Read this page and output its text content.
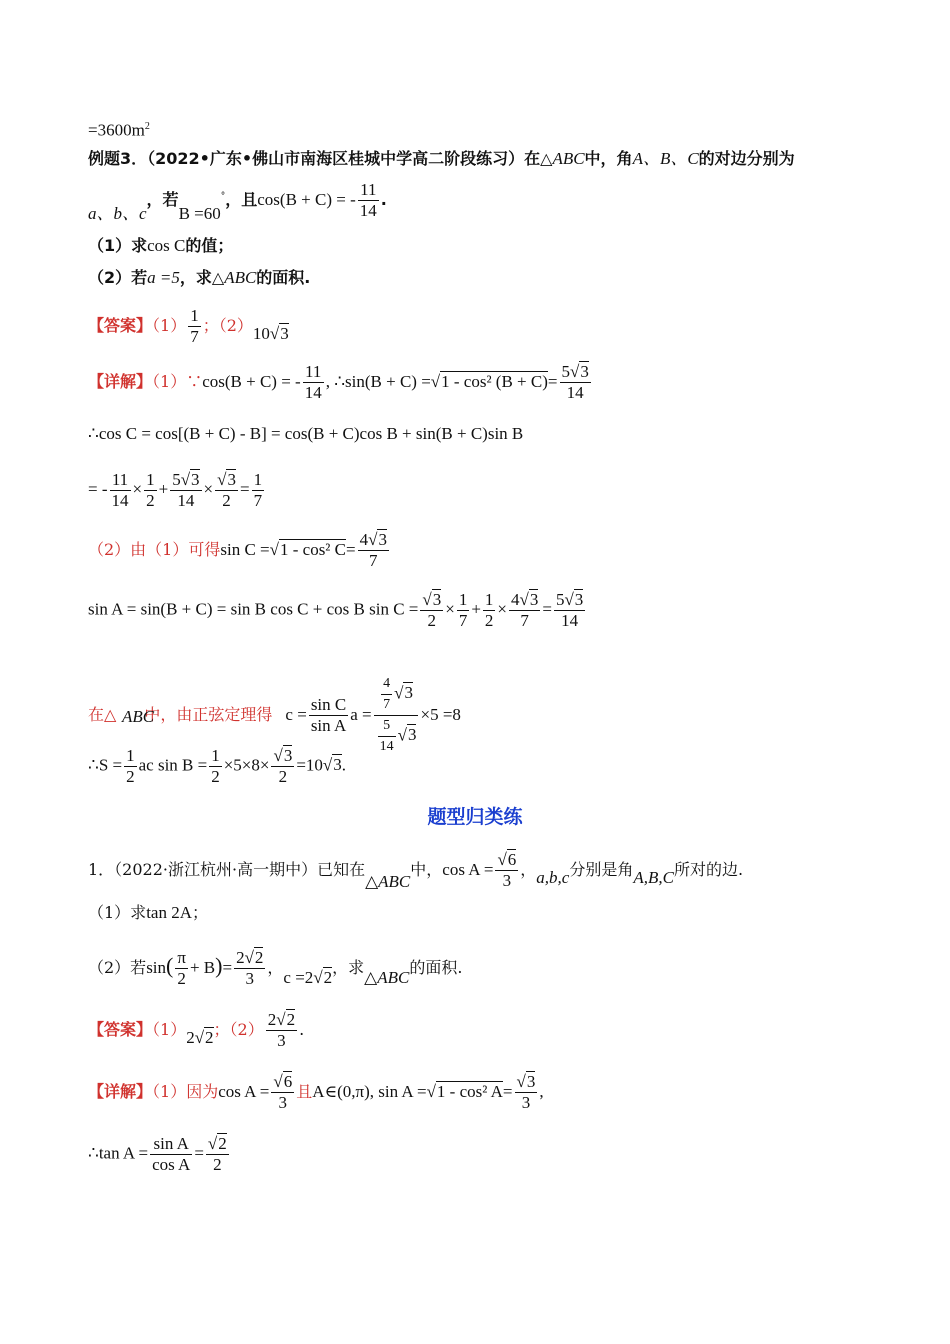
$=3600m^2$
例题3．（2022•广东•佛山市南海区桂城中学高二阶段练习）在△ABC中，角A、B、C的对边分别为
a、b、c，若B =60°，且cos(B + C) = - $\frac{11}{14}$ .
（1）求cos C的值；
（2）若a =5，求△ABC的面积.
【答案】$(1) \frac{1}{7}$ ；（2）10√3
【详解】（1）∵cos(B + C) = - $\frac{11}{14}$ , ∴sin(B + C) =√1 - cos² $(B + C)= \frac{5√3}{14}$
∴cos C = cos[(B + C) - B] = cos(B + C)cos B + sin(B + C)sin B
= - $\frac{11}{14} \times \frac{1}{2} + \frac{5√3}{14} \times \frac{√3}{2} = \frac{1}{7}$
（2）由（1）可得sin C =√1 - cos² $C= \frac{4√3}{7}$
sin A = sin(B + C) = sin B cos C + cos B $\sin C = \frac{√3}{2} \times \frac{1}{7} + \frac{1}{2} \times \frac{4√3}{7} = \frac{5√3}{14}$
在△ 中，由正弦定理得 $c = \frac{\text{sin C}}{\text{sin A}}$ $a = \frac{\frac{4}{7} √3}{\frac{5}{14} √3} \times 5 =8$
ABC
∴S = $\frac{1}{2}$ ac $\sin B = \frac{1}{2} \times 5\times 8\times \frac{√3}{2} =10√3$.
题型归类练
1．（2022·浙江杭州·高一期中）已知在△ABC中，$\cos A = \frac{√6}{3}$ ，a,b,c分别是角A,B,C所对的边.
（1）求tan 2A；
（2）若$\sin( \frac{\pi}{2} + B)= \frac{2√2}{3}$ ，c =2√2，求△ABC的面积.
【答案】（1）2√2；$(2) \frac{2√2}{3}$ .
【详解】（1）因为$\cos A = \frac{√6}{3}$ 且A∈(0,π), sin A =√1 - cos² $A= \frac{√3}{3}$ ,
∴tan $A = \frac{\text{sin A}}{\text{cos A}} = \frac{√2}{2}$
